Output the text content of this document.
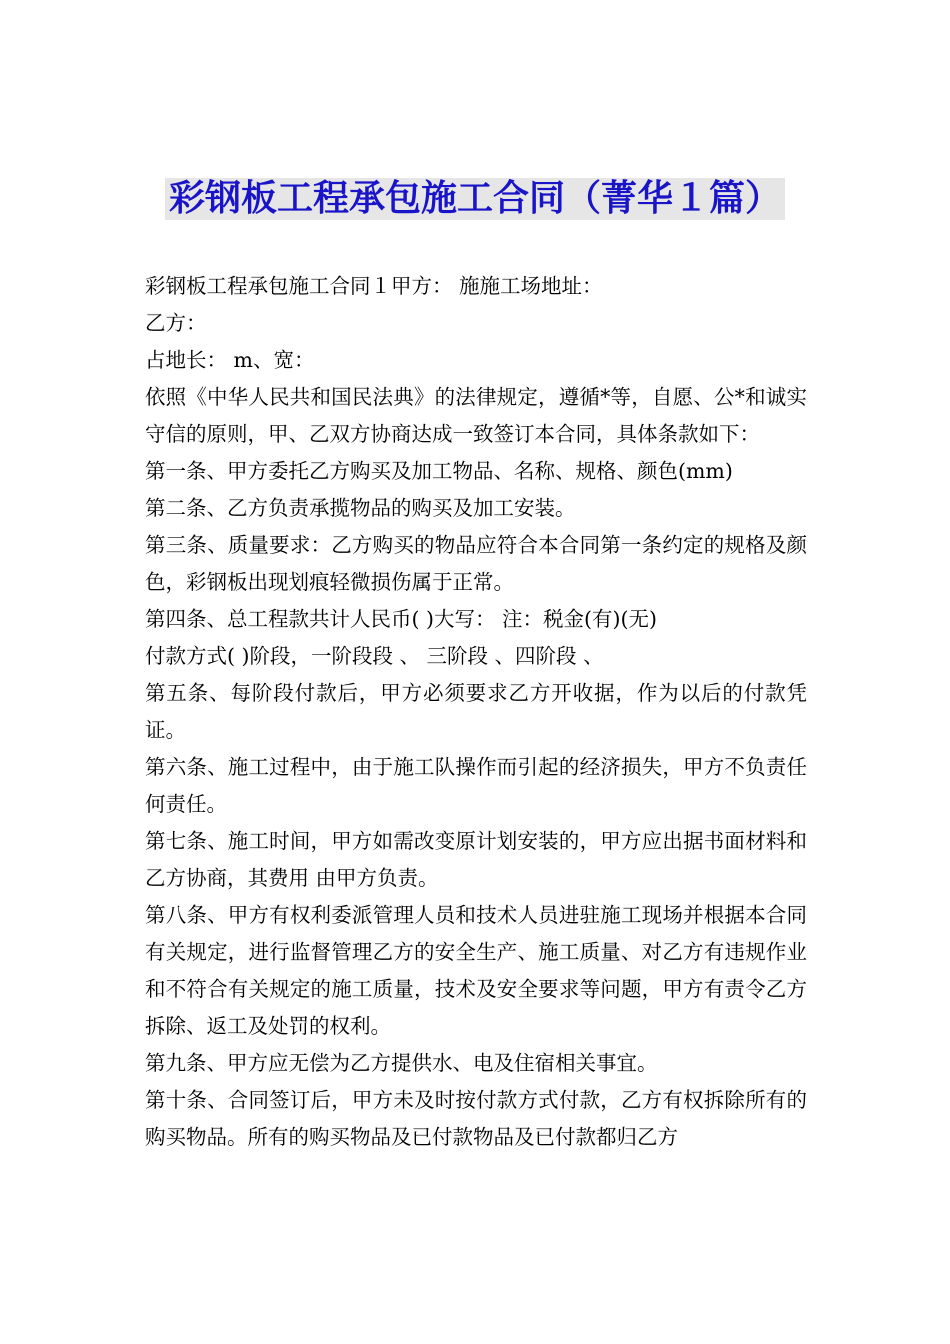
彩钢板工程承包施工合同（菁华１篇）

彩钢板工程承包施工合同１甲方： 施施工场地址：

乙方：

占地长： m、宽：

依照《中华人民共和国民法典》的法律规定，遵循*等，自愿、公*和诚实守信的原则，甲、乙双方协商达成一致签订本合同，具体条款如下：

第一条、甲方委托乙方购买及加工物品、名称、规格、颜色(mm)

第二条、乙方负责承揽物品的购买及加工安装。

第三条、质量要求：乙方购买的物品应符合本合同第一条约定的规格及颜色，彩钢板出现划痕轻微损伤属于正常。

第四条、总工程款共计人民币( )大写： 注：税金(有)(无)

付款方式( )阶段，一阶段段 、 三阶段 、四阶段 、

第五条、每阶段付款后，甲方必须要求乙方开收据，作为以后的付款凭证。

第六条、施工过程中，由于施工队操作而引起的经济损失，甲方不负责任何责任。

第七条、施工时间，甲方如需改变原计划安装的，甲方应出据书面材料和乙方协商，其费用 由甲方负责。

第八条、甲方有权利委派管理人员和技术人员进驻施工现场并根据本合同有关规定，进行监督管理乙方的安全生产、施工质量、对乙方有违规作业和不符合有关规定的施工质量，技术及安全要求等问题，甲方有责令乙方拆除、返工及处罚的权利。

第九条、甲方应无偿为乙方提供水、电及住宿相关事宜。

第十条、合同签订后，甲方未及时按付款方式付款，乙方有权拆除所有的购买物品。所有的购买物品及已付款物品及已付款都归乙方
